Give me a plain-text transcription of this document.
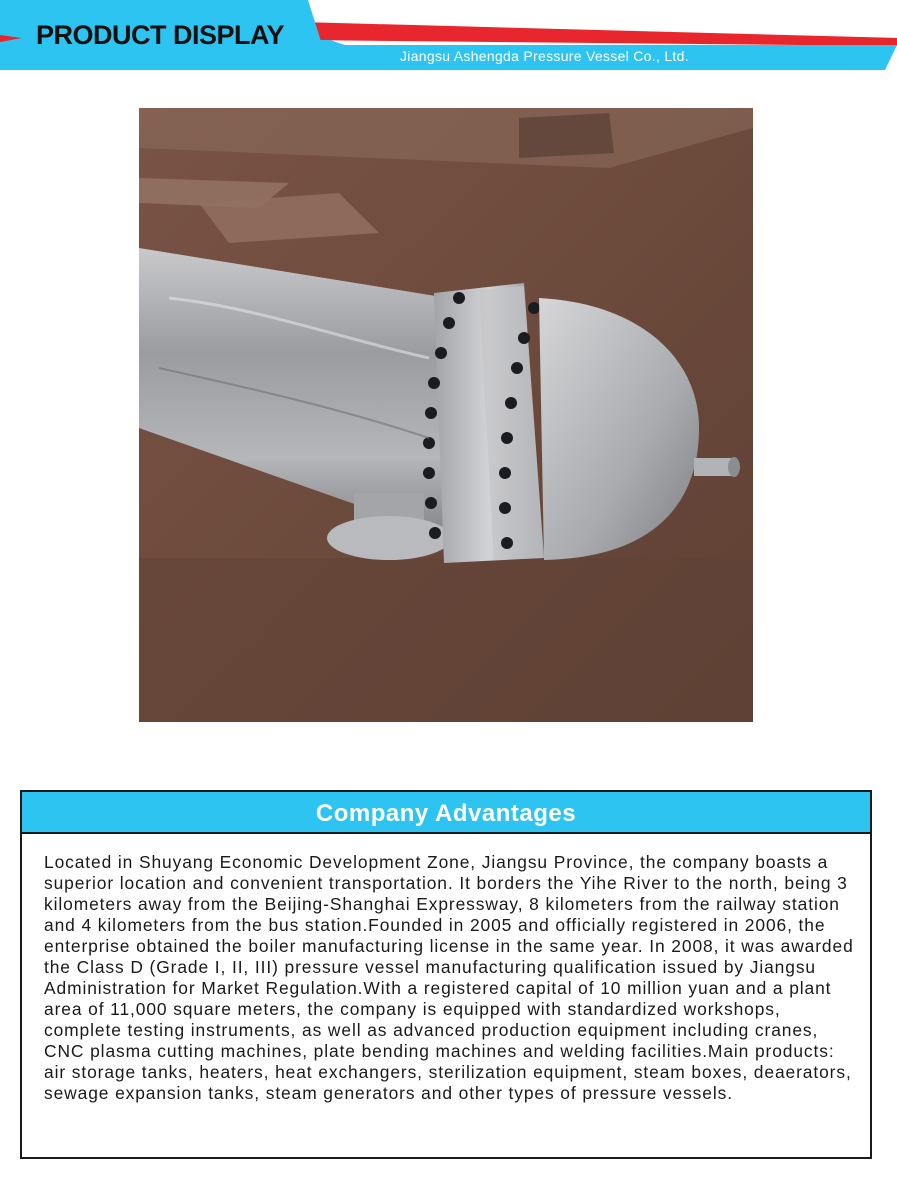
PRODUCT DISPLAY
Jiangsu Ashengda Pressure Vessel Co., Ltd.
Company Advantages
Located in Shuyang Economic Development Zone, Jiangsu Province, the company boasts a superior location and convenient transportation. It borders the Yihe River to the north, being 3 kilometers away from the Beijing-Shanghai Expressway, 8 kilometers from the railway station and 4 kilometers from the bus station.Founded in 2005 and officially registered in 2006, the enterprise obtained the boiler manufacturing license in the same year. In 2008, it was awarded the Class D (Grade I, II, III) pressure vessel manufacturing qualification issued by Jiangsu Administration for Market Regulation.With a registered capital of 10 million yuan and a plant area of 11,000 square meters, the company is equipped with standardized workshops, complete testing instruments, as well as advanced production equipment including cranes, CNC plasma cutting machines, plate bending machines and welding facilities.Main products: air storage tanks, heaters, heat exchangers, sterilization equipment, steam boxes, deaerators, sewage expansion tanks, steam generators and other types of pressure vessels.
